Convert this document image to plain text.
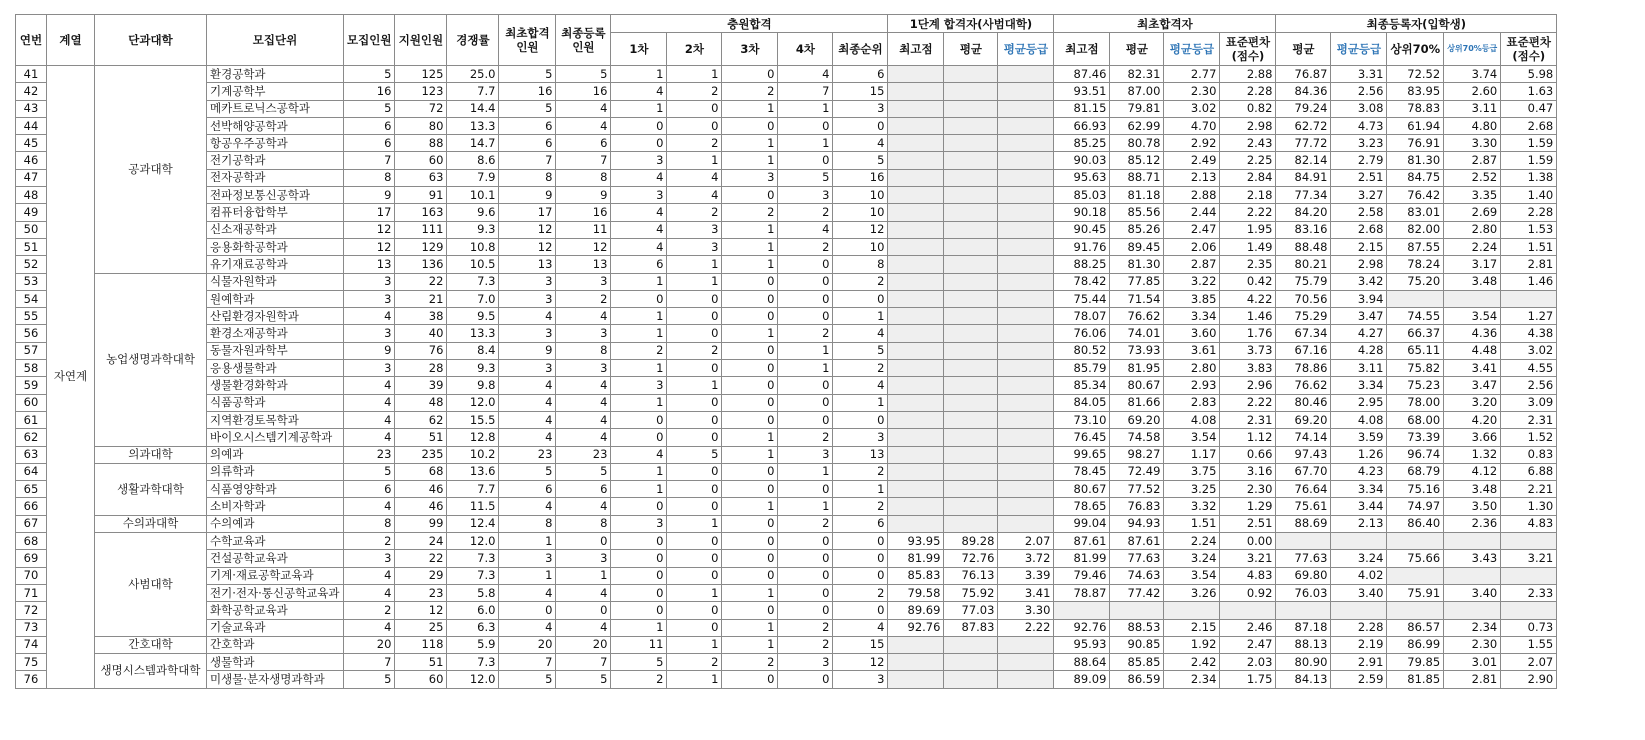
연번	계열	단과대학	모집단위	모집인원	지원인원	경쟁률	최초합격 인원	최종등록 인원	충원합격					1단계 합격자(사범대학)			최초합격자				최종등록자(입학생)				
									1차	2차	3차	4차	최종순위	최고점	평균	평균등급	최고점	평균	평균등급	표준편차 (점수)	평균	평균등급	상위70%	상위70%등급	표준편차 (점수)
41	자연계	공과대학	환경공학과	5	125	25.0	5	5	1	1	0	4	6				87.46	82.31	2.77	2.88	76.87	3.31	72.52	3.74	5.98
42			기계공학부	16	123	7.7	16	16	4	2	2	7	15				93.51	87.00	2.30	2.28	84.36	2.56	83.95	2.60	1.63
43			메카트로닉스공학과	5	72	14.4	5	4	1	0	1	1	3				81.15	79.81	3.02	0.82	79.24	3.08	78.83	3.11	0.47
44			선박해양공학과	6	80	13.3	6	4	0	0	0	0	0				66.93	62.99	4.70	2.98	62.72	4.73	61.94	4.80	2.68
45			항공우주공학과	6	88	14.7	6	6	0	2	1	1	4				85.25	80.78	2.92	2.43	77.72	3.23	76.91	3.30	1.59
46			전기공학과	7	60	8.6	7	7	3	1	1	0	5				90.03	85.12	2.49	2.25	82.14	2.79	81.30	2.87	1.59
47			전자공학과	8	63	7.9	8	8	4	4	3	5	16				95.63	88.71	2.13	2.84	84.91	2.51	84.75	2.52	1.38
48			전파정보통신공학과	9	91	10.1	9	9	3	4	0	3	10				85.03	81.18	2.88	2.18	77.34	3.27	76.42	3.35	1.40
49			컴퓨터융합학부	17	163	9.6	17	16	4	2	2	2	10				90.18	85.56	2.44	2.22	84.20	2.58	83.01	2.69	2.28
50			신소재공학과	12	111	9.3	12	11	4	3	1	4	12				90.45	85.26	2.47	1.95	83.16	2.68	82.00	2.80	1.53
51			응용화학공학과	12	129	10.8	12	12	4	3	1	2	10				91.76	89.45	2.06	1.49	88.48	2.15	87.55	2.24	1.51
52			유기재료공학과	13	136	10.5	13	13	6	1	1	0	8				88.25	81.30	2.87	2.35	80.21	2.98	78.24	3.17	2.81
53		농업생명과학대학	식물자원학과	3	22	7.3	3	3	1	1	0	0	2				78.42	77.85	3.22	0.42	75.79	3.42	75.20	3.48	1.46
54			원예학과	3	21	7.0	3	2	0	0	0	0	0				75.44	71.54	3.85	4.22	70.56	3.94			
55			산림환경자원학과	4	38	9.5	4	4	1	0	0	0	1				78.07	76.62	3.34	1.46	75.29	3.47	74.55	3.54	1.27
56			환경소재공학과	3	40	13.3	3	3	1	0	1	2	4				76.06	74.01	3.60	1.76	67.34	4.27	66.37	4.36	4.38
57			동물자원과학부	9	76	8.4	9	8	2	2	0	1	5				80.52	73.93	3.61	3.73	67.16	4.28	65.11	4.48	3.02
58			응용생물학과	3	28	9.3	3	3	1	0	0	1	2				85.79	81.95	2.80	3.83	78.86	3.11	75.82	3.41	4.55
59			생물환경화학과	4	39	9.8	4	4	3	1	0	0	4				85.34	80.67	2.93	2.96	76.62	3.34	75.23	3.47	2.56
60			식품공학과	4	48	12.0	4	4	1	0	0	0	1				84.05	81.66	2.83	2.22	80.46	2.95	78.00	3.20	3.09
61			지역환경토목학과	4	62	15.5	4	4	0	0	0	0	0				73.10	69.20	4.08	2.31	69.20	4.08	68.00	4.20	2.31
62			바이오시스템기계공학과	4	51	12.8	4	4	0	0	1	2	3				76.45	74.58	3.54	1.12	74.14	3.59	73.39	3.66	1.52
63		의과대학	의예과	23	235	10.2	23	23	4	5	1	3	13				99.65	98.27	1.17	0.66	97.43	1.26	96.74	1.32	0.83
64		생활과학대학	의류학과	5	68	13.6	5	5	1	0	0	1	2				78.45	72.49	3.75	3.16	67.70	4.23	68.79	4.12	6.88
65			식품영양학과	6	46	7.7	6	6	1	0	0	0	1				80.67	77.52	3.25	2.30	76.64	3.34	75.16	3.48	2.21
66			소비자학과	4	46	11.5	4	4	0	0	1	1	2				78.65	76.83	3.32	1.29	75.61	3.44	74.97	3.50	1.30
67		수의과대학	수의예과	8	99	12.4	8	8	3	1	0	2	6				99.04	94.93	1.51	2.51	88.69	2.13	86.40	2.36	4.83
68		사범대학	수학교육과	2	24	12.0	1	0	0	0	0	0	0	93.95	89.28	2.07	87.61	87.61	2.24	0.00					
69			건설공학교육과	3	22	7.3	3	3	0	0	0	0	0	81.99	72.76	3.72	81.99	77.63	3.24	3.21	77.63	3.24	75.66	3.43	3.21
70			기계·재료공학교육과	4	29	7.3	1	1	0	0	0	0	0	85.83	76.13	3.39	79.46	74.63	3.54	4.83	69.80	4.02			
71			전기·전자·통신공학교육과	4	23	5.8	4	4	0	1	1	0	2	79.58	75.92	3.41	78.87	77.42	3.26	0.92	76.03	3.40	75.91	3.40	2.33
72			화학공학교육과	2	12	6.0	0	0	0	0	0	0	0	89.69	77.03	3.30									
73			기술교육과	4	25	6.3	4	4	1	0	1	2	4	92.76	87.83	2.22	92.76	88.53	2.15	2.46	87.18	2.28	86.57	2.34	0.73
74		간호대학	간호학과	20	118	5.9	20	20	11	1	1	2	15				95.93	90.85	1.92	2.47	88.13	2.19	86.99	2.30	1.55
75		생명시스템과학대학	생물학과	7	51	7.3	7	7	5	2	2	3	12				88.64	85.85	2.42	2.03	80.90	2.91	79.85	3.01	2.07
76			미생물·분자생명과학과	5	60	12.0	5	5	2	1	0	0	3				89.09	86.59	2.34	1.75	84.13	2.59	81.85	2.81	2.90
